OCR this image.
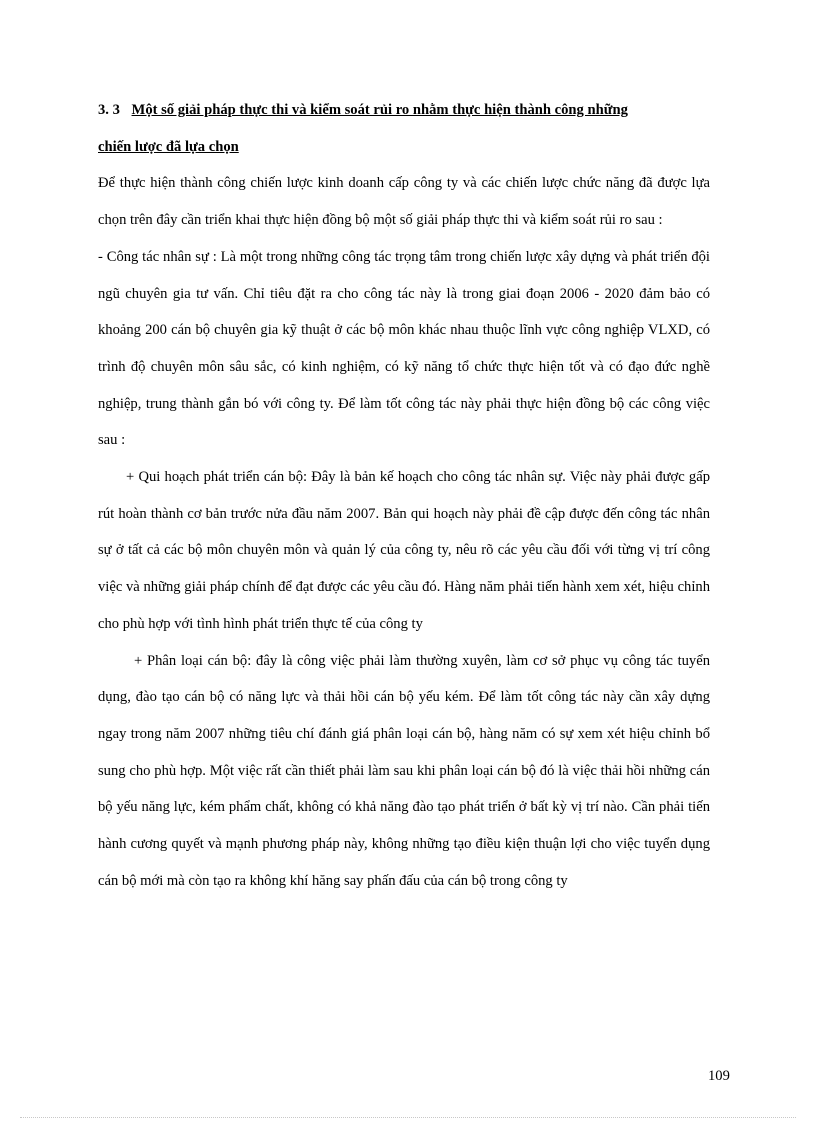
3. 3 Một số giải pháp thực thi và kiểm soát rủi ro nhằm thực hiện thành công những
chiến lược đã lựa chọn

Để thực hiện thành công chiến lược kinh doanh cấp công ty và các chiến lược chức năng đã được lựa chọn trên đây cần triển khai thực hiện đồng bộ một số giải pháp thực thi và kiểm soát rủi ro sau :

- Công tác nhân sự : Là một trong những công tác trọng tâm trong chiến lược xây dựng và phát triển đội ngũ chuyên gia tư vấn. Chỉ tiêu đặt ra cho công tác này là trong giai đoạn 2006 - 2020 đảm bảo có khoảng 200 cán bộ chuyên gia kỹ thuật ở các bộ môn khác nhau thuộc lĩnh vực công nghiệp VLXD, có trình độ chuyên môn sâu sắc, có kinh nghiệm, có kỹ năng tổ chức thực hiện tốt và có đạo đức nghề nghiệp, trung thành gắn bó với công ty. Để làm tốt công tác này phải thực hiện đồng bộ các công việc sau :

+ Qui hoạch phát triển cán bộ: Đây là bản kế hoạch cho công tác nhân sự. Việc này phải được gấp rút hoàn thành cơ bản trước nửa đầu năm 2007. Bản qui hoạch này phải đề cập được đến công tác nhân sự ở tất cả các bộ môn chuyên môn và quản lý của công ty, nêu rõ các yêu cầu đối với từng vị trí công việc và những giải pháp chính để đạt được các yêu cầu đó. Hàng năm phải tiến hành xem xét, hiệu chỉnh cho phù hợp với tình hình phát triển thực tế của công ty

+ Phân loại cán bộ: đây là công việc phải làm thường xuyên, làm cơ sở phục vụ công tác tuyển dụng, đào tạo cán bộ có năng lực và thải hồi cán bộ yếu kém. Để làm tốt công tác này cần xây dựng ngay trong năm 2007 những tiêu chí đánh giá phân loại cán bộ, hàng năm có sự xem xét hiệu chỉnh bổ sung cho phù hợp. Một việc rất cần thiết phải làm sau khi phân loại cán bộ đó là việc thải hồi những cán bộ yếu năng lực, kém phẩm chất, không có khả năng đào tạo phát triển ở bất kỳ vị trí nào. Cần phải tiến hành cương quyết và mạnh phương pháp này, không những tạo điều kiện thuận lợi cho việc tuyển dụng cán bộ mới mà còn tạo ra không khí hăng say phấn đấu của cán bộ trong công ty

109
